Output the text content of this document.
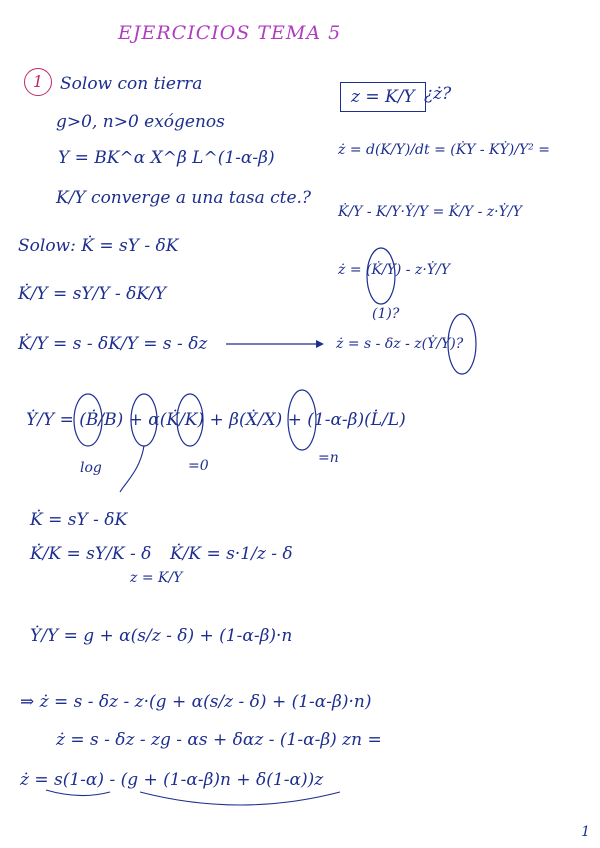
EJERCICIOS TEMA 5
1 Solow con tierra
g>0, n>0 exógenos
Y = BK^α X^β L^(1-α-β)
K/Y converge a una tasa cte.?
Solow: K̇ = sY - δK
K̇/Y = sY/Y - δK/Y
K̇/Y = s - δK/Y = s - δz
Ẏ/Y = (Ḃ/B) + α(K̇/K) + β(Ẋ/X) + (1-α-β)(L̇/L)
log	=0	=n
K̇ = sY - δK
K̇/K = sY/K - δ
z = K/Y
K̇/K = s·1/z - δ
Ẏ/Y = g + α(s/z - δ) + (1-α-β)·n
⇒ ż = s - δz - z·(g + α(s/z - δ) + (1-α-β)·n)
ż = s - δz - zg - αs + δαz - (1-α-β) zn =
ż = s(1-α) - (g + (1-α-β)n + δ(1-α))z
z = K/Y ¿ż?
ż = d(K/Y)/dt = (K̇Y - KẎ)/Y² =
K̇/Y - K/Y·Ẏ/Y = K̇/Y - z·Ẏ/Y
ż = (K̇/Y) - z·Ẏ/Y
ż = s - δz - z(Ẏ/Y)?
(1)?
1
